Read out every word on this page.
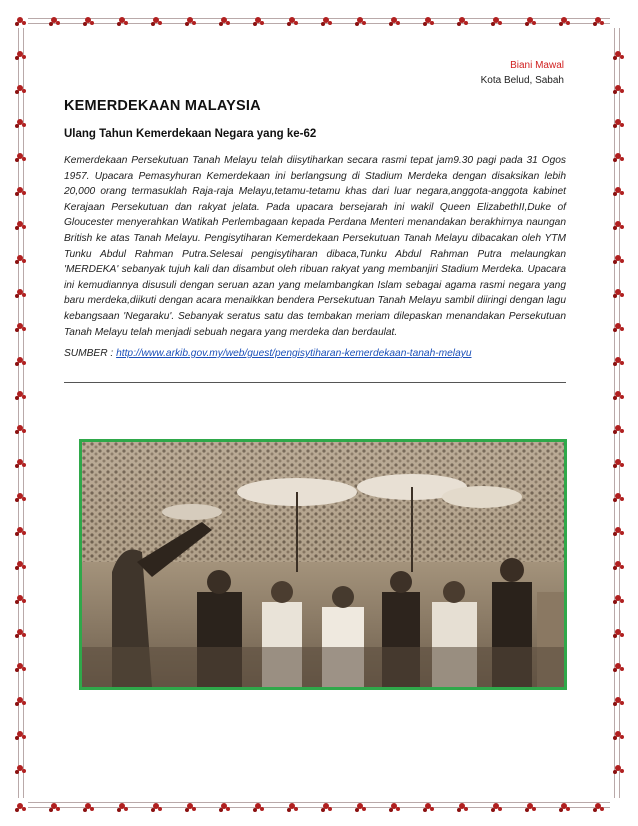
Biani Mawal
Kota Belud, Sabah
KEMERDEKAAN MALAYSIA
Ulang Tahun Kemerdekaan Negara yang ke-62
Kemerdekaan Persekutuan Tanah Melayu telah diisytiharkan secara rasmi tepat jam9.30 pagi pada 31 Ogos 1957. Upacara Pemasyhuran Kemerdekaan ini berlangsung di Stadium Merdeka dengan disaksikan lebih 20,000 orang termasuklah Raja-raja Melayu,tetamu-tetamu khas dari luar negara,anggota-anggota kabinet Kerajaan Persekutuan dan rakyat jelata. Pada upacara bersejarah ini wakil Queen ElizabethII,Duke of Gloucester menyerahkan Watikah Perlembagaan kepada Perdana Menteri menandakan berakhirnya naungan British ke atas Tanah Melayu. Pengisytiharan Kemerdekaan Persekutuan Tanah Melayu dibacakan oleh YTM Tunku Abdul Rahman Putra.Selesai pengisytiharan dibaca,Tunku Abdul Rahman Putra melaungkan 'MERDEKA' sebanyak tujuh kali dan disambut oleh ribuan rakyat yang membanjiri Stadium Merdeka. Upacara ini kemudiannya disusuli dengan seruan azan yang melambangkan Islam sebagai agama rasmi negara yang baru merdeka,diikuti dengan acara menaikkan bendera Persekutuan Tanah Melayu sambil diiringi dengan lagu kebangsaan 'Negaraku'. Sebanyak seratus satu das tembakan meriam dilepaskan menandakan Persekutuan Tanah Melayu telah menjadi sebuah negara yang merdeka dan berdaulat.
SUMBER : http://www.arkib.gov.my/web/guest/pengisytiharan-kemerdekaan-tanah-melayu
